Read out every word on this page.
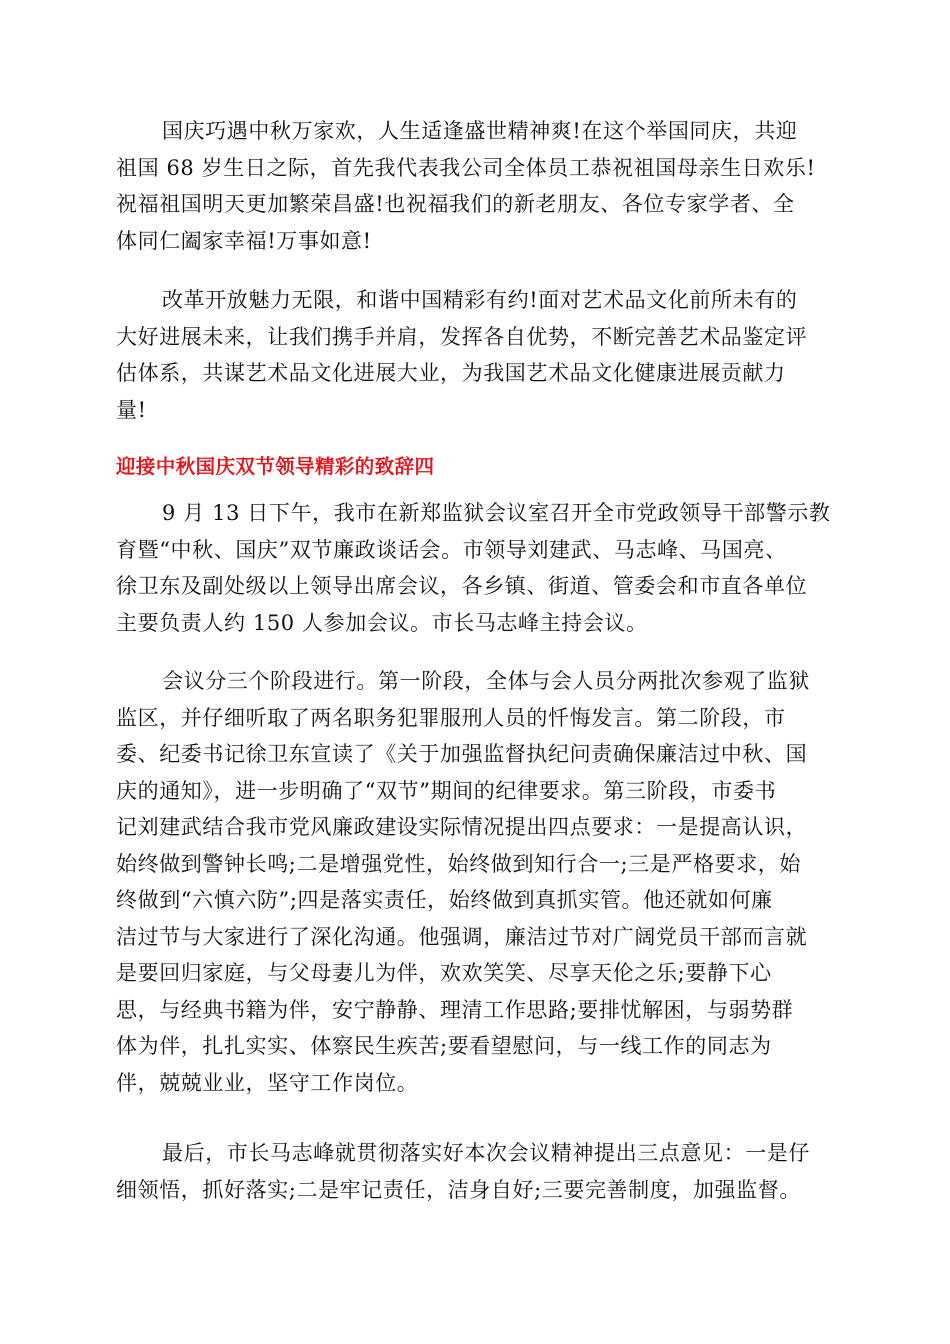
国庆巧遇中秋万家欢，人生适逢盛世精神爽!在这个举国同庆，共迎
祖国 68 岁生日之际，首先我代表我公司全体员工恭祝祖国母亲生日欢乐!
祝福祖国明天更加繁荣昌盛!也祝福我们的新老朋友、各位专家学者、全
体同仁阖家幸福!万事如意!
改革开放魅力无限，和谐中国精彩有约!面对艺术品文化前所未有的
大好进展未来，让我们携手并肩，发挥各自优势，不断完善艺术品鉴定评
估体系，共谋艺术品文化进展大业，为我国艺术品文化健康进展贡献力
量!
迎接中秋国庆双节领导精彩的致辞四
9 月 13 日下午，我市在新郑监狱会议室召开全市党政领导干部警示教
育暨“中秋、国庆”双节廉政谈话会。市领导刘建武、马志峰、马国亮、
徐卫东及副处级以上领导出席会议，各乡镇、街道、管委会和市直各单位
主要负责人约 150 人参加会议。市长马志峰主持会议。
会议分三个阶段进行。第一阶段，全体与会人员分两批次参观了监狱
监区，并仔细听取了两名职务犯罪服刑人员的忏悔发言。第二阶段，市
委、纪委书记徐卫东宣读了《关于加强监督执纪问责确保廉洁过中秋、国
庆的通知》，进一步明确了“双节”期间的纪律要求。第三阶段，市委书
记刘建武结合我市党风廉政建设实际情况提出四点要求：一是提高认识，
始终做到警钟长鸣;二是增强党性，始终做到知行合一;三是严格要求，始
终做到“六慎六防”;四是落实责任，始终做到真抓实管。他还就如何廉
洁过节与大家进行了深化沟通。他强调，廉洁过节对广阔党员干部而言就
是要回归家庭，与父母妻儿为伴，欢欢笑笑、尽享天伦之乐;要静下心
思，与经典书籍为伴，安宁静静、理清工作思路;要排忧解困，与弱势群
体为伴，扎扎实实、体察民生疾苦;要看望慰问，与一线工作的同志为
伴，兢兢业业，坚守工作岗位。
最后，市长马志峰就贯彻落实好本次会议精神提出三点意见：一是仔
细领悟，抓好落实;二是牢记责任，洁身自好;三要完善制度，加强监督。
